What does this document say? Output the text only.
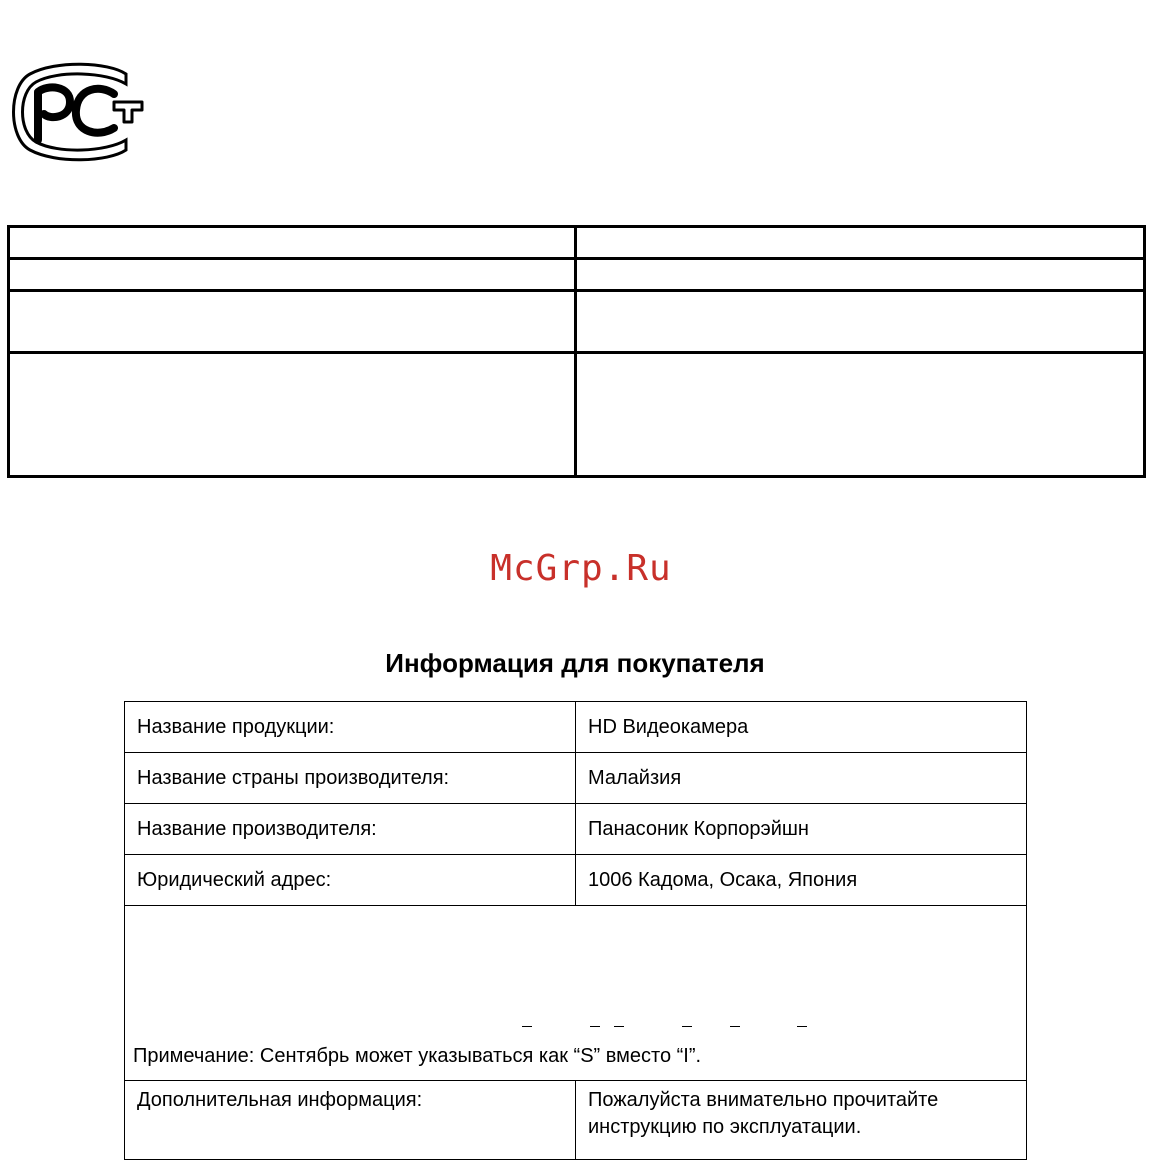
McGrp.Ru
Информация для покупателя
Название продукции:	HD Видеокамера
Название страны производителя:	Малайзия
Название производителя:	Панасоник Корпорэйшн
Юридический адрес:	1006 Кадома, Осака, Япония
Примечание: Сентябрь может указываться как “S” вместо “I”.	
Дополнительная информация:	Пожалуйста внимательно прочитайте инструкцию по эксплуатации.
